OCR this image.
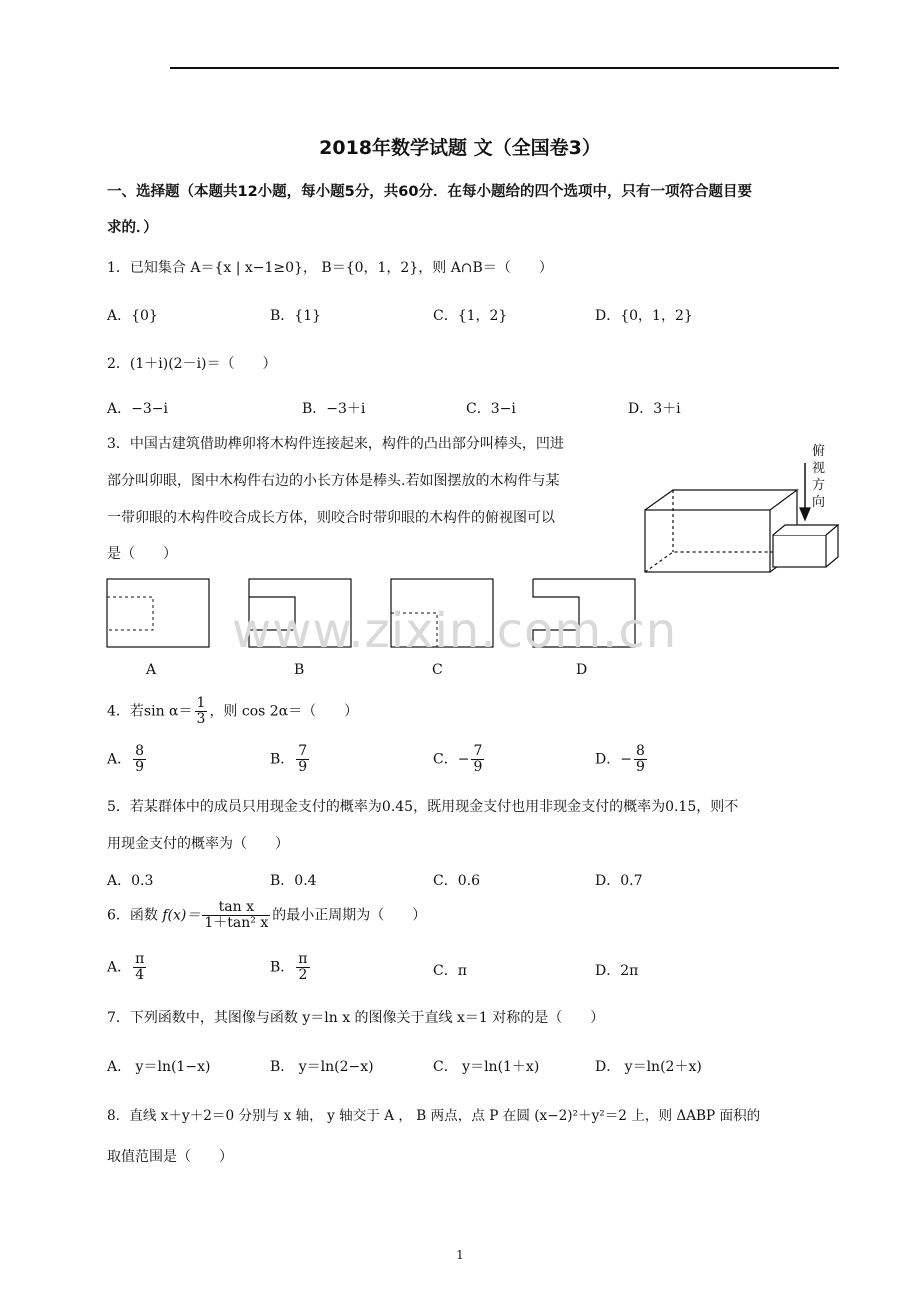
2018年数学试题 文（全国卷3）
一、选择题（本题共12小题，每小题5分，共60分．在每小题给的四个选项中，只有一项符合题目要
求的．）
1．已知集合 A＝{x | x−1≥0}， B＝{0，1，2}，则 A∩B＝（　　）
A．{0}	B．{1}	C．{1，2}	D．{0，1，2}
2．(1＋i)(2－i)＝（　　）
A．−3−i	B．−3＋i	C．3−i	D．3＋i
3．中国古建筑借助榫卯将木构件连接起来，构件的凸出部分叫棒头，凹进
部分叫卯眼，图中木构件右边的小长方体是棒头.若如图摆放的木构件与某
一带卯眼的木构件咬合成长方体，则咬合时带卯眼的木构件的俯视图可以
是（　　）
俯
视
方
向
A	B	C	D
www.zixin.com.cn
4．若$\sin \alpha= \frac{1}{3}$ ，则 cos 2α＝（　　）
A． $\frac{8}{9}$	B． $\frac{7}{9}$	C．− $\frac{7}{9}$	D．− $\frac{8}{9}$
5．若某群体中的成员只用现金支付的概率为0.45，既用现金支付也用非现金支付的概率为0.15，则不
用现金支付的概率为（　　）
A．0.3	B．0.4	C．0.6	D．0.7
6．函数 $f(x)= \frac{\text{tan x}}{\text{1＋tan² x}}$ 的最小正周期为（　　）
A． $\frac{\pi}{4}$	B． $\frac{\pi}{2}$	C．π	D．2π
7．下列函数中，其图像与函数 y＝ln x 的图像关于直线 x＝1 对称的是（　　）
A． y＝ln(1−x)	B． y＝ln(2−x)	C． y＝ln(1＋x)	D． y＝ln(2＋x)
8．直线 x＋y＋2＝0 分别与 x 轴， y 轴交于 A ， B 两点，点 P 在圆 (x−2)²＋y²＝2 上，则 ΔABP 面积的
取值范围是（　　）
1
